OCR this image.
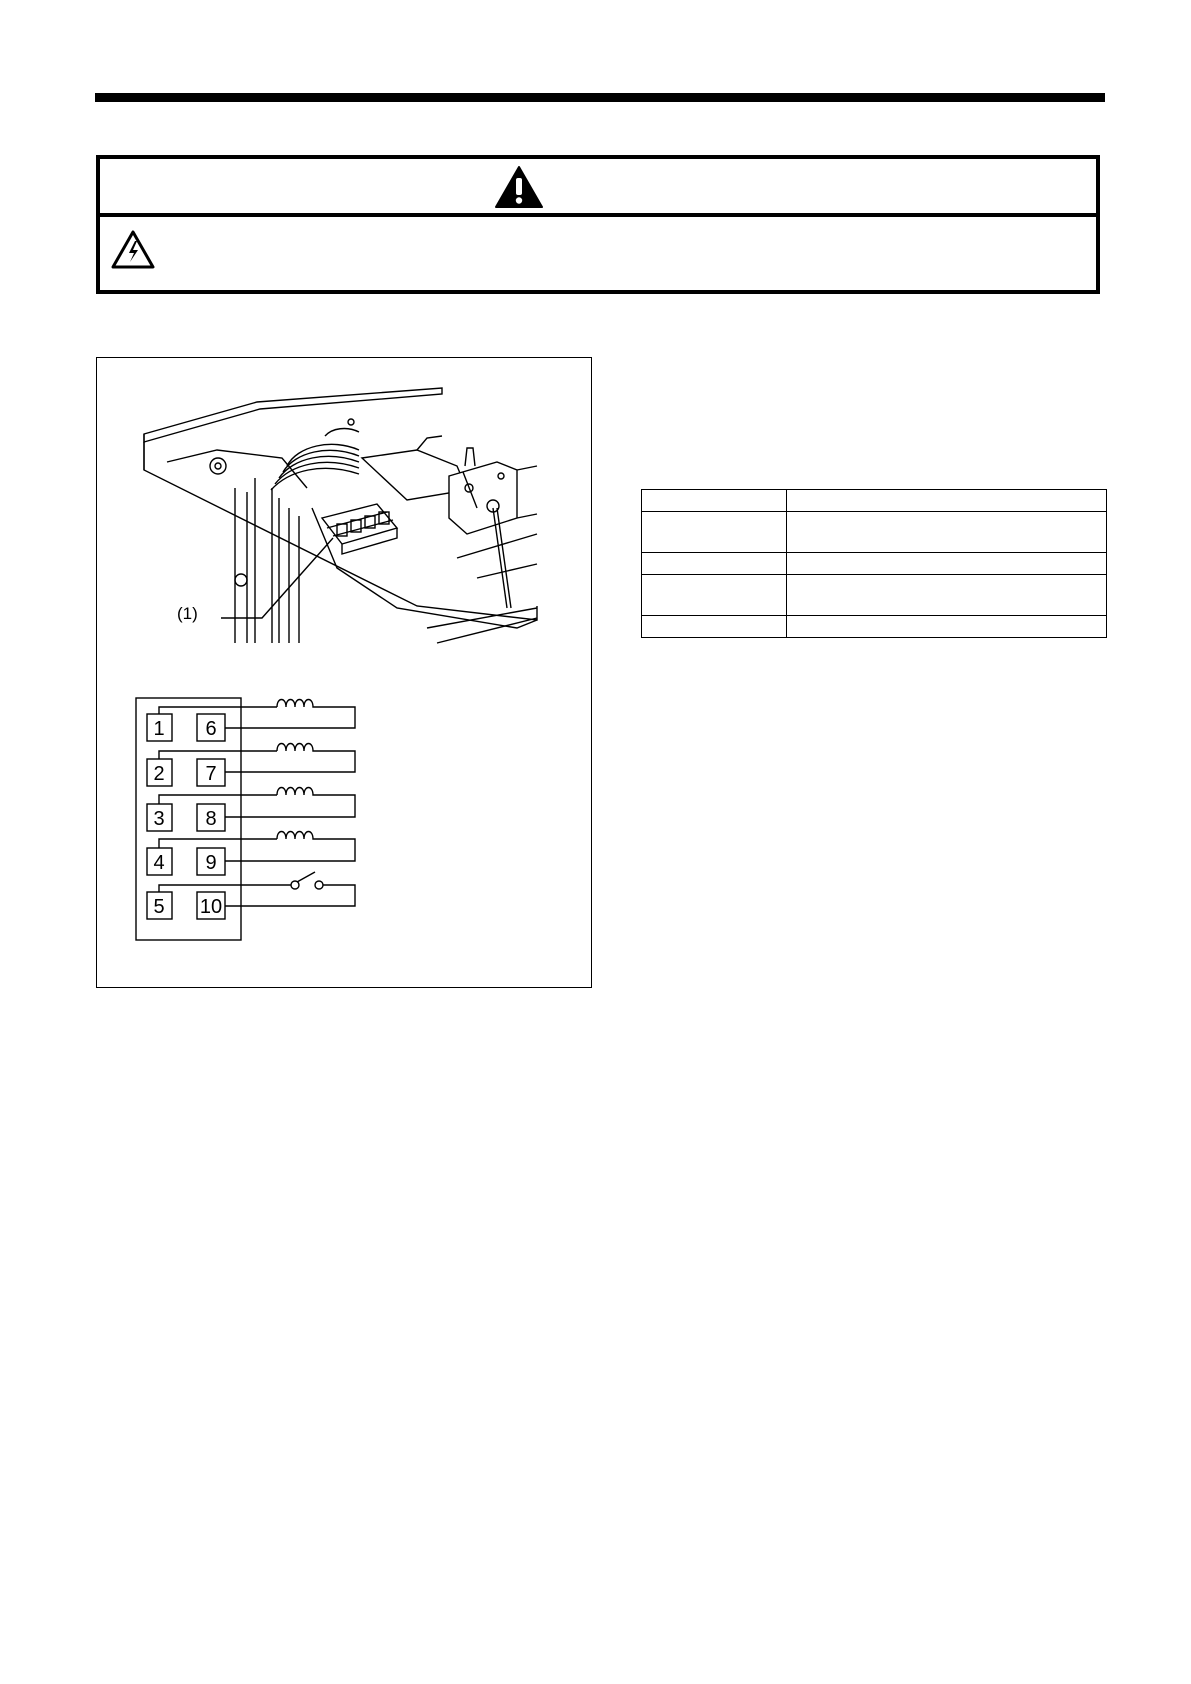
1 6
2 7
3 8
4 9
5 10
(1)
